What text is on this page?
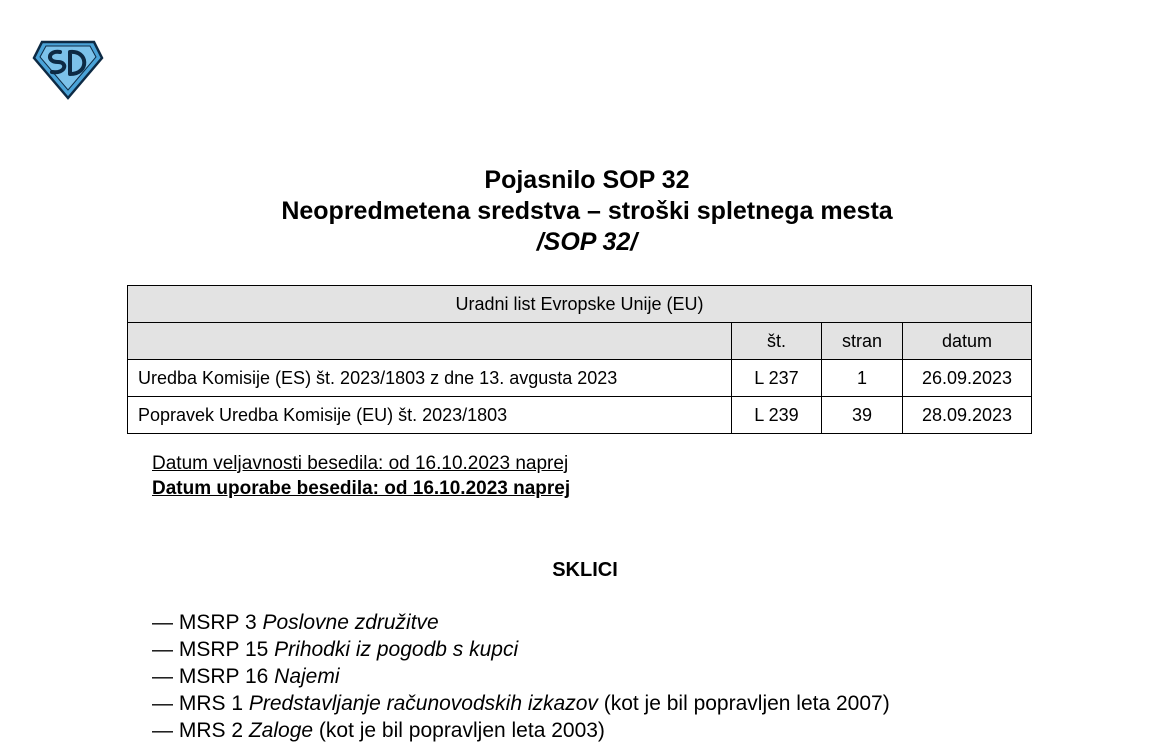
Pojasnilo SOP 32
Neopredmetena sredstva – stroški spletnega mesta
/SOP 32/
Uradni list Evropske Unije (EU)			
	št.	stran	datum
Uredba Komisije (ES) št. 2023/1803 z dne 13. avgusta 2023	L 237	1	26.09.2023
Popravek Uredba Komisije (EU) št. 2023/1803	L 239	39	28.09.2023
Datum veljavnosti besedila: od 16.10.2023 naprej
Datum uporabe besedila: od 16.10.2023 naprej
SKLICI
— MSRP 3 Poslovne združitve
— MSRP 15 Prihodki iz pogodb s kupci
— MSRP 16 Najemi
— MRS 1 Predstavljanje računovodskih izkazov (kot je bil popravljen leta 2007)
— MRS 2 Zaloge (kot je bil popravljen leta 2003)
